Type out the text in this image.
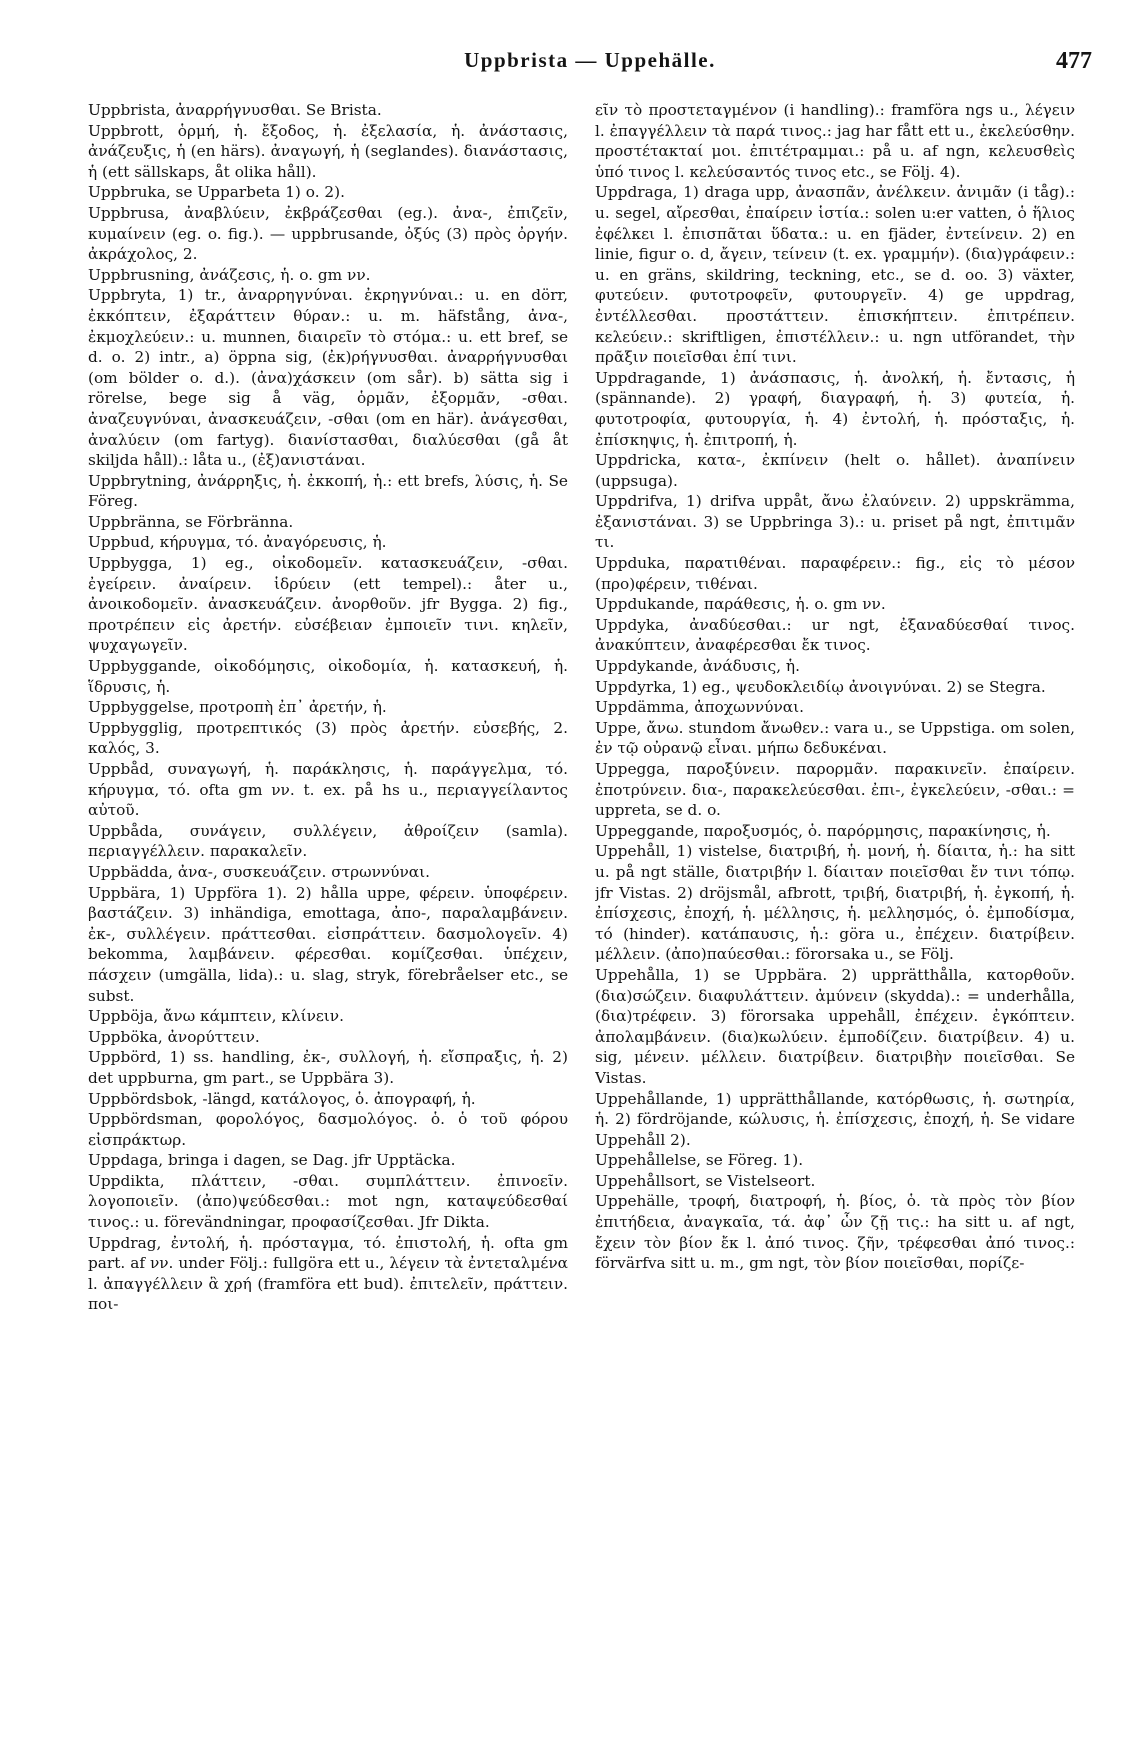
Uppbrista — Uppehälle.	477

Uppbrista, ἀναρρήγνυσθαι. Se Brista.

Uppbrott, ὁρμή, ἡ. ἔξοδος, ἡ. ἐξελασία, ἡ. ἀνάστασις, ἀνάζευξις, ἡ (en härs). ἀναγωγή, ἡ (seglandes). διανάστασις, ἡ (ett sällskaps, åt olika håll).

Uppbruka, se Upparbeta 1) o. 2).

Uppbrusa, ἀναβλύειν, ἐκβράζεσθαι (eg.). ἀνα-, ἐπιζεῖν, κυμαίνειν (eg. o. fig.). — uppbrusande, ὀξύς (3) πρὸς ὀργήν. ἀκράχολος, 2.

Uppbrusning, ἀνάζεσις, ἡ. o. gm νν.

Uppbryta, 1) tr., ἀναρρηγνύναι. ἐκρηγνύναι.: u. en dörr, ἐκκόπτειν, ἐξαράττειν θύραν.: u. m. häfstång, ἀνα-, ἐκμοχλεύειν.: u. munnen, διαιρεῖν τὸ στόμα.: u. ett bref, se d. o. 2) intr., a) öppna sig, (ἐκ)ρήγνυσθαι. ἀναρρήγνυσθαι (om bölder o. d.). (ἀνα)χάσκειν (om sår). b) sätta sig i rörelse, bege sig å väg, ὁρμᾶν, ἐξορμᾶν, -σθαι. ἀναζευγνύναι, ἀνασκευάζειν, -σθαι (om en här). ἀνάγεσθαι, ἀναλύειν (om fartyg). διανίστασθαι, διαλύεσθαι (gå åt skiljda håll).: låta u., (ἐξ)ανιστάναι.

Uppbrytning, ἀνάρρηξις, ἡ. ἐκκοπή, ἡ.: ett brefs, λύσις, ἡ. Se Föreg.

Uppbränna, se Förbränna.

Uppbud, κήρυγμα, τό. ἀναγόρευσις, ἡ.

Uppbygga, 1) eg., οἰκοδομεῖν. κατασκευάζειν, -σθαι. ἐγείρειν. ἀναίρειν. ἱδρύειν (ett tempel).: åter u., ἀνοικοδομεῖν. ἀνασκευάζειν. ἀνορθοῦν. jfr Bygga. 2) fig., προτρέπειν εἰς ἀρετήν. εὐσέβειαν ἐμποιεῖν τινι. κηλεῖν, ψυχαγωγεῖν.

Uppbyggande, οἰκοδόμησις, οἰκοδομία, ἡ. κατασκευή, ἡ. ἵδρυσις, ἡ.

Uppbyggelse, προτροπὴ ἐπ᾽ ἀρετήν, ἡ.

Uppbygglig, προτρεπτικός (3) πρὸς ἀρετήν. εὐσεβής, 2. καλός, 3.

Uppbåd, συναγωγή, ἡ. παράκλησις, ἡ. παράγγελμα, τό. κήρυγμα, τό. ofta gm νν. t. ex. på hs u., περιαγγείλαντος αὐτοῦ.

Uppbåda, συνάγειν, συλλέγειν, ἀθροίζειν (samla). περιαγγέλλειν. παρακαλεῖν.

Uppbädda, ἀνα-, συσκευάζειν. στρωννύναι.

Uppbära, 1) Uppföra 1). 2) hålla uppe, φέρειν. ὑποφέρειν. βαστάζειν. 3) inhändiga, emottaga, ἀπο-, παραλαμβάνειν. ἐκ-, συλλέγειν. πράττεσθαι. εἰσπράττειν. δασμολογεῖν. 4) bekomma, λαμβάνειν. φέρεσθαι. κομίζεσθαι. ὑπέχειν, πάσχειν (umgälla, lida).: u. slag, stryk, förebråelser etc., se subst.

Uppböja, ἄνω κάμπτειν, κλίνειν.

Uppböka, ἀνορύττειν.

Uppbörd, 1) ss. handling, ἐκ-, συλλογή, ἡ. εἴσπραξις, ἡ. 2) det uppburna, gm part., se Uppbära 3).

Uppbördsbok, -längd, κατάλογος, ὁ. ἀπογραφή, ἡ.

Uppbördsman, φορολόγος, δασμολόγος. ὁ. ὁ τοῦ φόρου εἰσπράκτωρ.

Uppdaga, bringa i dagen, se Dag. jfr Upptäcka.

Uppdikta, πλάττειν, -σθαι. συμπλάττειν. ἐπινοεῖν. λογοποιεῖν. (ἀπο)ψεύδεσθαι.: mot ngn, καταψεύδεσθαί τινος.: u. förevändningar, προφασίζεσθαι. Jfr Dikta.

Uppdrag, ἐντολή, ἡ. πρόσταγμα, τό. ἐπιστολή, ἡ. ofta gm part. af νν. under Följ.: fullgöra ett u., λέγειν τὰ ἐντεταλμένα l. ἀπαγγέλλειν ἃ χρή (framföra ett bud). ἐπιτελεῖν, πράττειν. ποι-

εῖν τὸ προστεταγμένον (i handling).: framföra ngs u., λέγειν l. ἐπαγγέλλειν τὰ παρά τινος.: jag har fått ett u., ἐκελεύσθην. προστέτακταί μοι. ἐπιτέτραμμαι.: på u. af ngn, κελευσθεὶς ὑπό τινος l. κελεύσαντός τινος etc., se Följ. 4).

Uppdraga, 1) draga upp, ἀνασπᾶν, ἀνέλκειν. ἀνιμᾶν (i tåg).: u. segel, αἴρεσθαι, ἐπαίρειν ἱστία.: solen u:er vatten, ὁ ἥλιος ἐφέλκει l. ἐπισπᾶται ὕδατα.: u. en fjäder, ἐντείνειν. 2) en linie, figur o. d, ἄγειν, τείνειν (t. ex. γραμμήν). (δια)γράφειν.: u. en gräns, skildring, teckning, etc., se d. oo. 3) växter, φυτεύειν. φυτοτροφεῖν, φυτουργεῖν. 4) ge uppdrag, ἐντέλλεσθαι. προστάττειν. ἐπισκήπτειν. ἐπιτρέπειν. κελεύειν.: skriftligen, ἐπιστέλλειν.: u. ngn utförandet, τὴν πρᾶξιν ποιεῖσθαι ἐπί τινι.

Uppdragande, 1) ἀνάσπασις, ἡ. ἀνολκή, ἡ. ἔντασις, ἡ (spännande). 2) γραφή, διαγραφή, ἡ. 3) φυτεία, ἡ. φυτοτροφία, φυτουργία, ἡ. 4) ἐντολή, ἡ. πρόσταξις, ἡ. ἐπίσκηψις, ἡ. ἐπιτροπή, ἡ.

Uppdricka, κατα-, ἐκπίνειν (helt o. hållet). ἀναπίνειν (uppsuga).

Uppdrifva, 1) drifva uppåt, ἄνω ἐλαύνειν. 2) uppskrämma, ἐξανιστάναι. 3) se Uppbringa 3).: u. priset på ngt, ἐπιτιμᾶν τι.

Uppduka, παρατιθέναι. παραφέρειν.: fig., εἰς τὸ μέσον (προ)φέρειν, τιθέναι.

Uppdukande, παράθεσις, ἡ. o. gm νν.

Uppdyka, ἀναδύεσθαι.: ur ngt, ἐξαναδύεσθαί τινος. ἀνακύπτειν, ἀναφέρεσθαι ἔκ τινος.

Uppdykande, ἀνάδυσις, ἡ.

Uppdyrka, 1) eg., ψευδοκλειδίῳ ἀνοιγνύναι. 2) se Stegra.

Uppdämma, ἀποχωννύναι.

Uppe, ἄνω. stundom ἄνωθεν.: vara u., se Uppstiga. om solen, ἐν τῷ οὐρανῷ εἶναι. μήπω δεδυκέναι.

Uppegga, παροξύνειν. παρορμᾶν. παρακινεῖν. ἐπαίρειν. ἐποτρύνειν. δια-, παρακελεύεσθαι. ἐπι-, ἐγκελεύειν, -σθαι.: = uppreta, se d. o.

Uppeggande, παροξυσμός, ὁ. παρόρμησις, παρακίνησις, ἡ.

Uppehåll, 1) vistelse, διατριβή, ἡ. μονή, ἡ. δίαιτα, ἡ.: ha sitt u. på ngt ställe, διατριβήν l. δίαιταν ποιεῖσθαι ἔν τινι τόπῳ. jfr Vistas. 2) dröjsmål, afbrott, τριβή, διατριβή, ἡ. ἐγκοπή, ἡ. ἐπίσχεσις, ἐποχή, ἡ. μέλλησις, ἡ. μελλησμός, ὁ. ἐμποδίσμα, τό (hinder). κατάπαυσις, ἡ.: göra u., ἐπέχειν. διατρίβειν. μέλλειν. (ἀπο)παύεσθαι.: förorsaka u., se Följ.

Uppehålla, 1) se Uppbära. 2) upprätthålla, κατορθοῦν. (δια)σώζειν. διαφυλάττειν. ἀμύνειν (skydda).: = underhålla, (δια)τρέφειν. 3) förorsaka uppehåll, ἐπέχειν. ἐγκόπτειν. ἀπολαμβάνειν. (δια)κωλύειν. ἐμποδίζειν. διατρίβειν. 4) u. sig, μένειν. μέλλειν. διατρίβειν. διατριβὴν ποιεῖσθαι. Se Vistas.

Uppehållande, 1) upprätthållande, κατόρθωσις, ἡ. σωτηρία, ἡ. 2) fördröjande, κώλυσις, ἡ. ἐπίσχεσις, ἐποχή, ἡ. Se vidare Uppehåll 2).

Uppehållelse, se Föreg. 1).

Uppehållsort, se Vistelseort.

Uppehälle, τροφή, διατροφή, ἡ. βίος, ὁ. τὰ πρὸς τὸν βίον ἐπιτήδεια, ἀναγκαῖα, τά. ἀφ᾽ ὧν ζῇ τις.: ha sitt u. af ngt, ἔχειν τὸν βίον ἔκ l. ἀπό τινος. ζῆν, τρέφεσθαι ἀπό τινος.: förvärfva sitt u. m., gm ngt, τὸν βίον ποιεῖσθαι, πορίζε-
